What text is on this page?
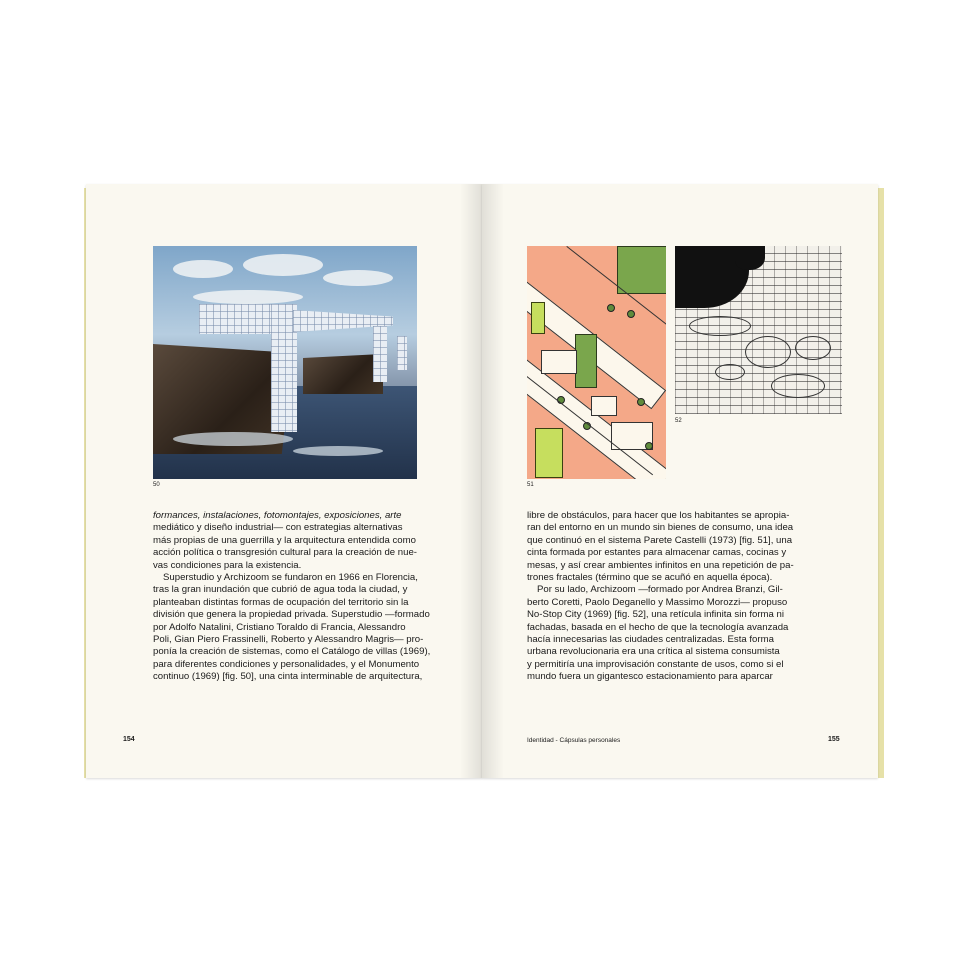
50

formances, instalaciones, fotomontajes, exposiciones, arte

mediático y diseño industrial— con estrategias alternativas

más propias de una guerrilla y la arquitectura entendida como

acción política o transgresión cultural para la creación de nue-

vas condiciones para la existencia.

Superstudio y Archizoom se fundaron en 1966 en Florencia,

tras la gran inundación que cubrió de agua toda la ciudad, y

planteaban distintas formas de ocupación del territorio sin la

división que genera la propiedad privada. Superstudio —formado

por Adolfo Natalini, Cristiano Toraldo di Francia, Alessandro

Poli, Gian Piero Frassinelli, Roberto y Alessandro Magris— pro-

ponía la creación de sistemas, como el Catálogo de villas (1969),

para diferentes condiciones y personalidades, y el Monumento

continuo (1969) [fig. 50], una cinta interminable de arquitectura,

154
51
52

libre de obstáculos, para hacer que los habitantes se apropia-

ran del entorno en un mundo sin bienes de consumo, una idea

que continuó en el sistema Parete Castelli (1973) [fig. 51], una

cinta formada por estantes para almacenar camas, cocinas y

mesas, y así crear ambientes infinitos en una repetición de pa-

trones fractales (término que se acuñó en aquella época).

Por su lado, Archizoom —formado por Andrea Branzi, Gil-

berto Coretti, Paolo Deganello y Massimo Morozzi— propuso

No-Stop City (1969) [fig. 52], una retícula infinita sin forma ni

fachadas, basada en el hecho de que la tecnología avanzada

hacía innecesarias las ciudades centralizadas. Esta forma

urbana revolucionaria era una crítica al sistema consumista

y permitiría una improvisación constante de usos, como si el

mundo fuera un gigantesco estacionamiento para aparcar

Identidad - Cápsulas personales	155
